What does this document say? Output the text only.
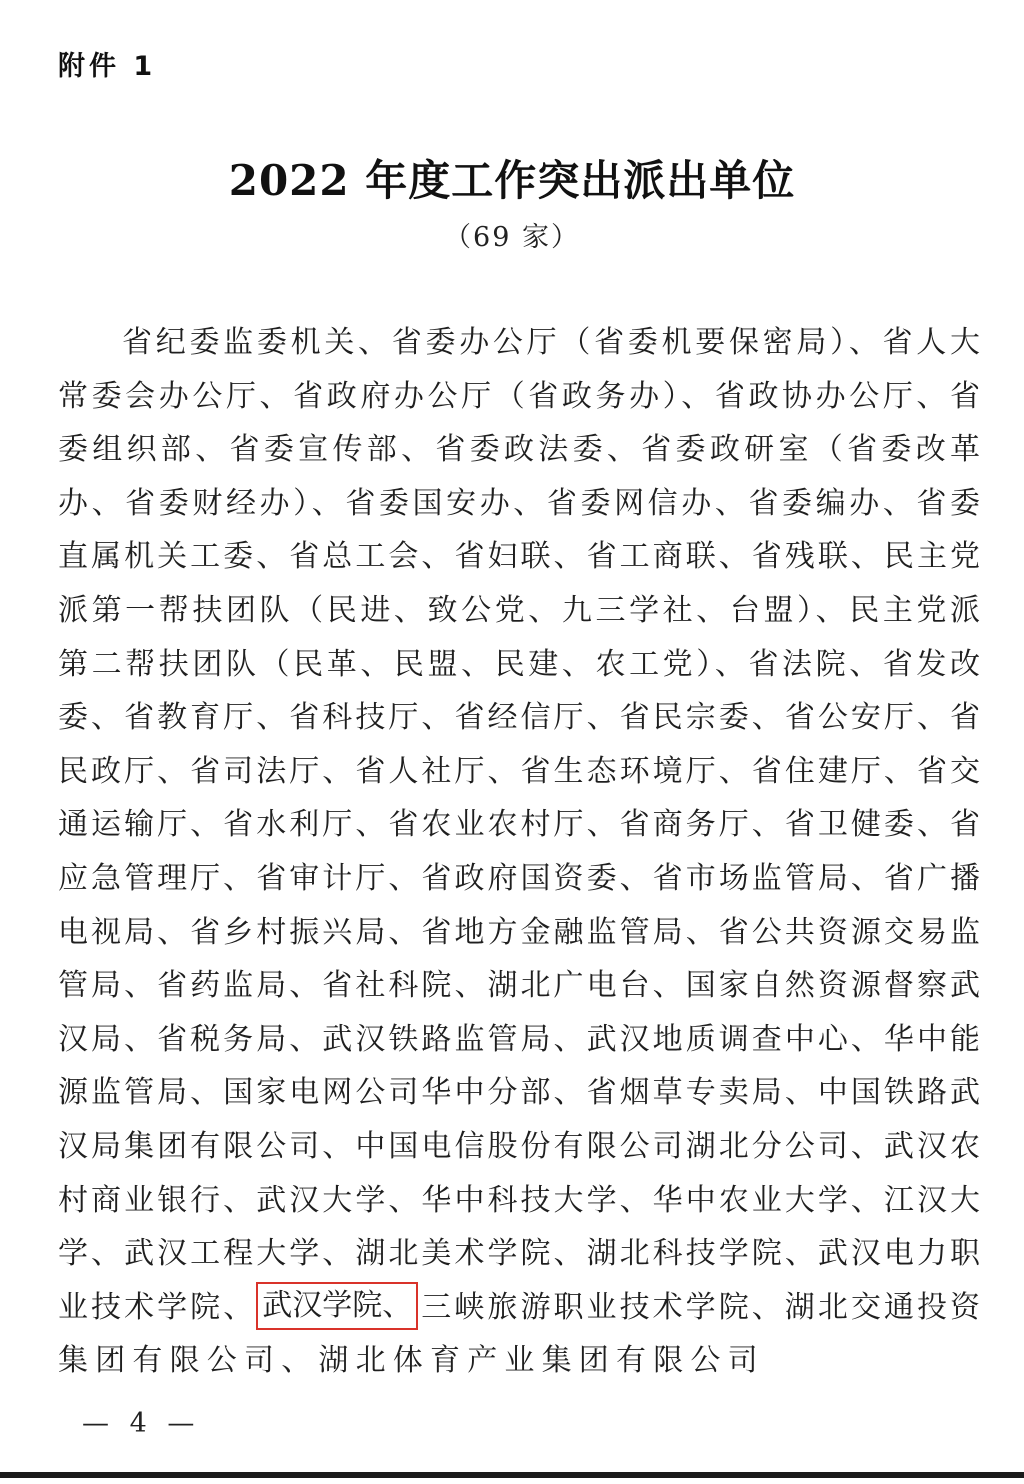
附件 1
2022 年度工作突出派出单位
（69 家）
省纪委监委机关、省委办公厅（省委机要保密局）、省人大
常委会办公厅、省政府办公厅（省政务办）、省政协办公厅、省
委组织部、省委宣传部、省委政法委、省委政研室（省委改革
办、省委财经办）、省委国安办、省委网信办、省委编办、省委
直属机关工委、省总工会、省妇联、省工商联、省残联、民主党
派第一帮扶团队（民进、致公党、九三学社、台盟）、民主党派
第二帮扶团队（民革、民盟、民建、农工党）、省法院、省发改
委、省教育厅、省科技厅、省经信厅、省民宗委、省公安厅、省
民政厅、省司法厅、省人社厅、省生态环境厅、省住建厅、省交
通运输厅、省水利厅、省农业农村厅、省商务厅、省卫健委、省
应急管理厅、省审计厅、省政府国资委、省市场监管局、省广播
电视局、省乡村振兴局、省地方金融监管局、省公共资源交易监
管局、省药监局、省社科院、湖北广电台、国家自然资源督察武
汉局、省税务局、武汉铁路监管局、武汉地质调查中心、华中能
源监管局、国家电网公司华中分部、省烟草专卖局、中国铁路武
汉局集团有限公司、中国电信股份有限公司湖北分公司、武汉农
村商业银行、武汉大学、华中科技大学、华中农业大学、江汉大
学、武汉工程大学、湖北美术学院、湖北科技学院、武汉电力职
业技术学院、 武汉学院、 三峡旅游职业技术学院、湖北交通投资
集团有限公司、湖北体育产业集团有限公司
— 4 —
